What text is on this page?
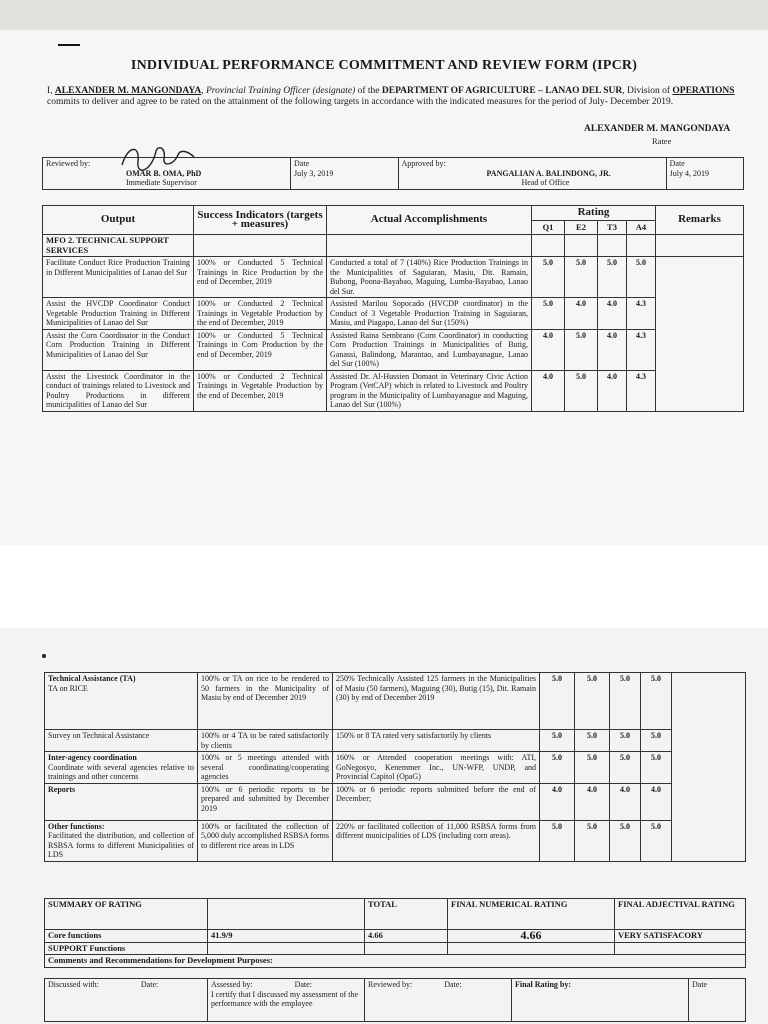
INDIVIDUAL PERFORMANCE COMMITMENT AND REVIEW FORM (IPCR)
I, ALEXANDER M. MANGONDAYA, Provincial Training Officer (designate) of the DEPARTMENT OF AGRICULTURE – LANAO DEL SUR, Division of OPERATIONS
commits to deliver and agree to be rated on the attainment of the following targets in accordance with the indicated measures for the period of July- December 2019.
ALEXANDER M. MANGONDAYA
Ratee
Reviewed by:
OMAR B. OMA, PhD
Immediate Supervisor

Date
July 3, 2019

Approved by:
PANGALIAN A. BALINDONG, JR.
Head of Office

Date
July 4, 2019
Output	Success Indicators (targets + measures)	Actual Accomplishments	Rating				Remarks
			Q1	E2	T3	A4	
MFO 2. TECHNICAL SUPPORT SERVICES							
Facilitate Conduct Rice Production Training in Different Municipalities of Lanao del Sur	100% or Conducted 5 Technical Trainings in Rice Production by the end of December, 2019	Conducted a total of 7 (140%) Rice Production Trainings in the Municipalities of Saguiaran, Masiu, Dit. Ramain, Bubong, Poona-Bayabao, Maguing, Lumba-Bayabao, Lanao del Sur.	5.0	5.0	5.0	5.0	
Assist the HVCDP Coordinator Conduct Vegetable Production Training in Different Municipalities of Lanao del Sur	100% or Conducted 2 Technical Trainings in Vegetable Production by the end of December, 2019	Assisted Marilou Sopocado (HVCDP coordinator) in the Conduct of 3 Vegetable Production Training in Saguiaran, Masiu, and Piagapo, Lanao del Sur (150%)	5.0	4.0	4.0	4.3	
Assist the Corn Coordinator in the Conduct Corn Production Training in Different Municipalities of Lanao del Sur	100% or Conducted 5 Technical Trainings in Corn Production by the end of December, 2019	Assisted Raina Sembrano (Corn Coordinator) in conducting Corn Production Trainings in Municipalities of Butig, Ganassi, Balindong, Marantao, and Lumbayanague, Lanao del Sur (100%)	4.0	5.0	4.0	4.3	
Assist the Livestock Coordinator in the conduct of trainings related to Livestock and Poultry Productions in different municipalities of Lanao del Sur	100% or Conducted 2 Technical Trainings in Vegetable Production by the end of December, 2019	Assisted Dr. Al-Hussien Domaot in Veterinary Civic Action Program (VetCAP) which is related to Livestock and Poultry program in the Municipality of Lumbayanague and Maguing, Lanao del Sur (100%)	4.0	5.0	4.0	4.3	
Technical Assistance (TA)
TA on RICE	100% or TA on rice to be rendered to 50 farmers in the Municipality of Masiu by end of December 2019	250% Technically Assisted 125 farmers in the Municipalities of Masiu (50 farmers), Maguing (30), Butig (15), Dit. Ramain (30) by end of December 2019	5.0	5.0	5.0	5.0	
Survey on Technical Assistance	100% or 4 TA to be rated satisfactorily by clients	150% or 8 TA rated very satisfactorily by clients	5.0	5.0	5.0	5.0	

Inter-agency coordination
Coordinate with several agencies relative to trainings and other concerns	100% or 5 meetings attended with several coordinating/cooperating agencies	160% or Attended cooperation meetings with: ATI, GoNegosyo, Kenemmer Inc., UN-WFP, UNDP, and Provincial Capitol (OpaG)	5.0	5.0	5.0	5.0	

Reports	100% or 6 periodic reports to be prepared and submitted by December 2019	100% or 6 periodic reports submitted before the end of December;	4.0	4.0	4.0	4.0	

Other functions:
Facilitated the distribution, and collection of RSBSA forms to different Municipalities of LDS	100% or facilitated the collection of 5,000 duly accomplished RSBSA forms to different rice areas in LDS	220% or facilitated collection of 11,000 RSBSA forms from different municipalities of LDS (including corn areas).	5.0	5.0	5.0	5.0	
SUMMARY OF RATING		TOTAL	FINAL NUMERICAL RATING	FINAL ADJECTIVAL RATING
Core functions	41.9/9	4.66	4.66	VERY SATISFACORY
SUPPORT Functions				
Comments and Recommendations for Development Purposes:				
Discussed with:	Date:	Assessed by:	Date:
I certify that I discussed my assessment of the performance with the employee
	Reviewed by:	Date:	Final Rating by:	Date
